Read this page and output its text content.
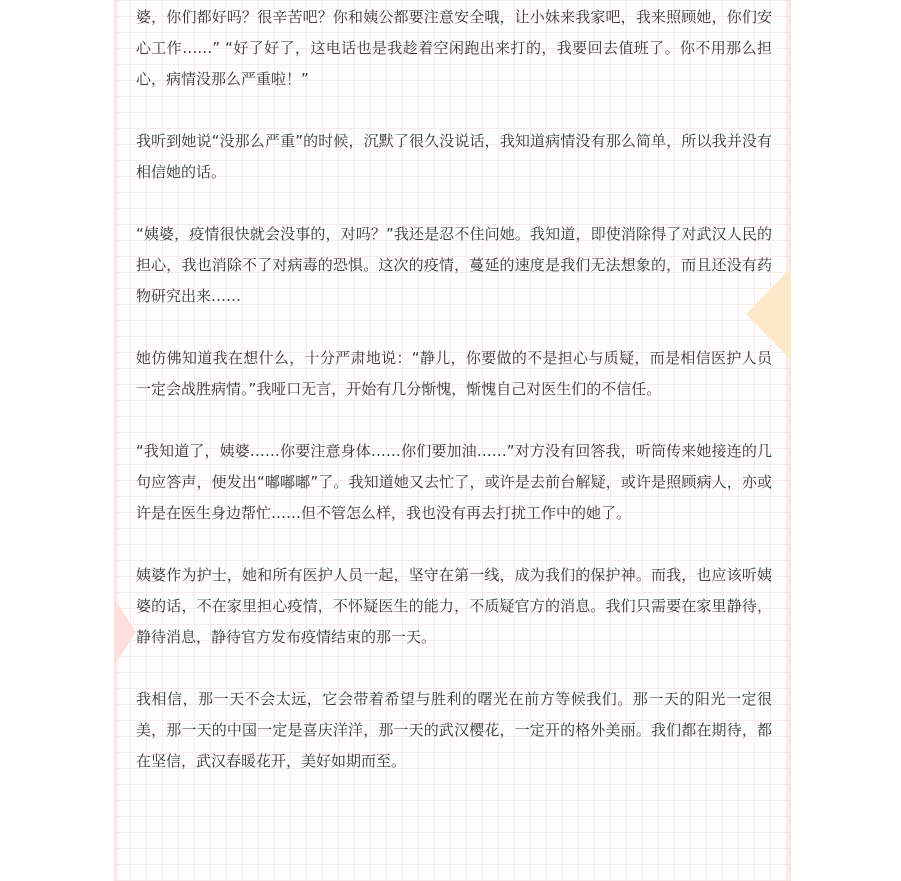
婆，你们都好吗？很辛苦吧？你和姨公都要注意安全哦，让小妹来我家吧，我来照顾她，你们安心工作……” “好了好了，这电话也是我趁着空闲跑出来打的，我要回去值班了。你不用那么担心，病情没那么严重啦！”

我听到她说“没那么严重”的时候，沉默了很久没说话，我知道病情没有那么简单，所以我并没有相信她的话。

“姨婆，疫情很快就会没事的，对吗？”我还是忍不住问她。我知道，即使消除得了对武汉人民的担心，我也消除不了对病毒的恐惧。这次的疫情，蔓延的速度是我们无法想象的，而且还没有药物研究出来……

她仿佛知道我在想什么，十分严肃地说：“静儿，你要做的不是担心与质疑，而是相信医护人员一定会战胜病情。”我哑口无言，开始有几分惭愧，惭愧自己对医生们的不信任。

“我知道了，姨婆……你要注意身体……你们要加油……”对方没有回答我，听筒传来她接连的几句应答声，便发出“嘟嘟嘟”了。我知道她又去忙了，或许是去前台解疑，或许是照顾病人，亦或许是在医生身边帮忙……但不管怎么样，我也没有再去打扰工作中的她了。

姨婆作为护士，她和所有医护人员一起，坚守在第一线，成为我们的保护神。而我，也应该听姨婆的话，不在家里担心疫情，不怀疑医生的能力，不质疑官方的消息。我们只需要在家里静待，静待消息，静待官方发布疫情结束的那一天。

我相信，那一天不会太远，它会带着希望与胜利的曙光在前方等候我们。那一天的阳光一定很美，那一天的中国一定是喜庆洋洋，那一天的武汉樱花，一定开的格外美丽。我们都在期待，都在坚信，武汉春暖花开，美好如期而至。
